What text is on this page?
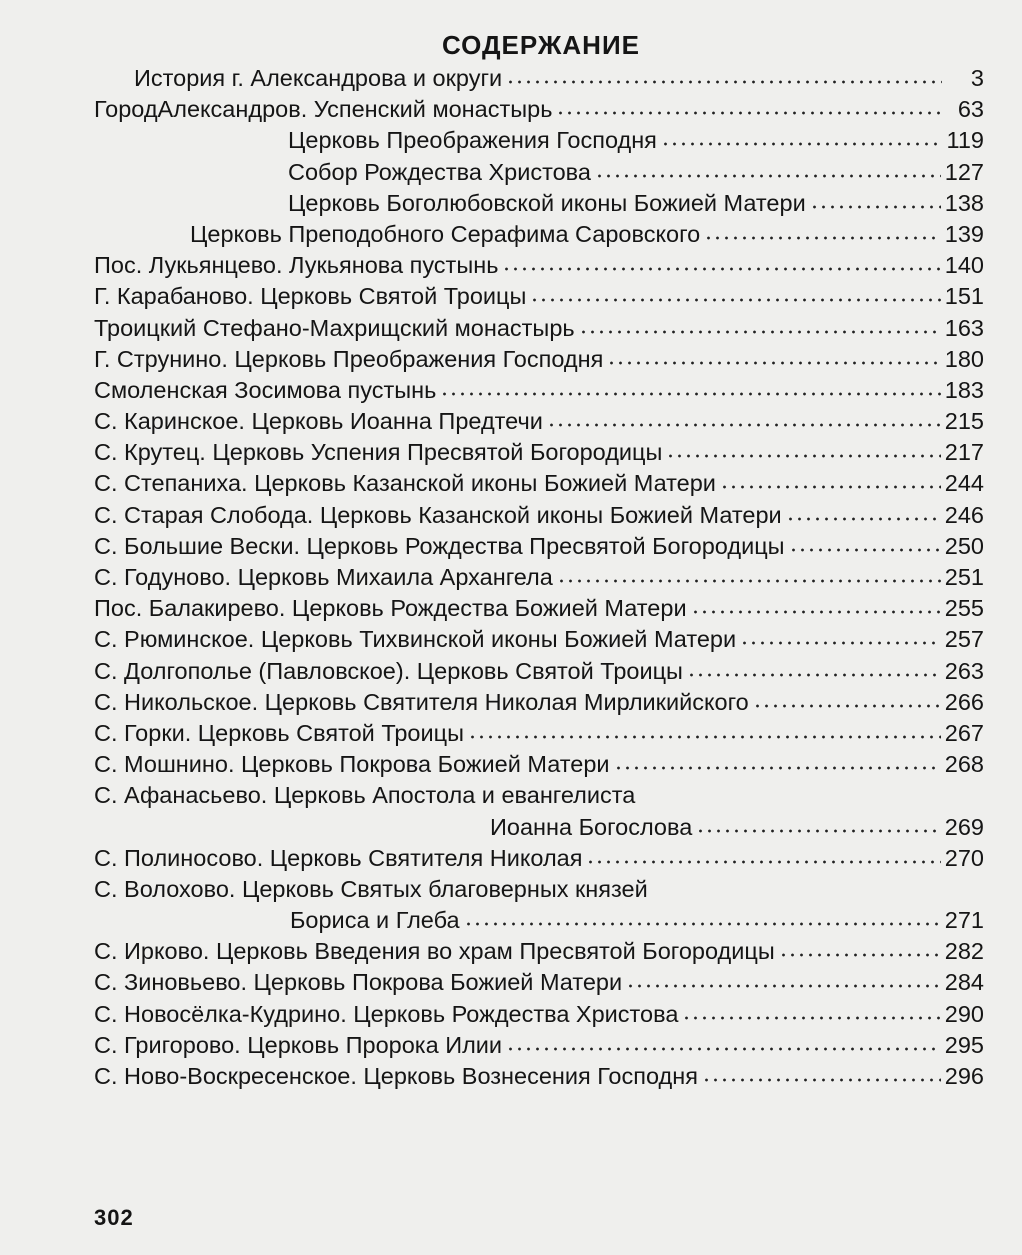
СОДЕРЖАНИЕ
История г. Александрова и округи	3
ГородАлександров. Успенский монастырь	63
Церковь Преображения Господня	119
Собор Рождества Христова	127
Церковь Боголюбовской иконы Божией Матери	138
Церковь Преподобного Серафима Саровского	139
Пос. Лукьянцево. Лукьянова пустынь	140
Г. Карабаново. Церковь Святой Троицы	151
Троицкий Стефано-Махрищский монастырь	163
Г. Струнино. Церковь Преображения Господня	180
Смоленская Зосимова пустынь	183
С. Каринское. Церковь Иоанна Предтечи	215
С. Крутец. Церковь Успения Пресвятой Богородицы	217
С. Степаниха. Церковь Казанской иконы Божией Матери	244
С. Старая Слобода. Церковь Казанской иконы Божией Матери	246
С. Большие Вески. Церковь Рождества Пресвятой Богородицы	250
С. Годуново. Церковь Михаила Архангела	251
Пос. Балакирево. Церковь Рождества Божией Матери	255
С. Рюминское. Церковь Тихвинской иконы Божией Матери	257
С. Долгополье (Павловское). Церковь Святой Троицы	263
С. Никольское. Церковь Святителя Николая Мирликийского	266
С. Горки. Церковь Святой Троицы	267
С. Мошнино. Церковь Покрова Божией Матери	268
С. Афанасьево. Церковь Апостола и евангелиста
Иоанна Богослова	269
С. Полиносово. Церковь Святителя Николая	270
С. Волохово. Церковь Святых благоверных князей
Бориса и Глеба	271
С. Ирково. Церковь Введения во храм Пресвятой Богородицы	282
С. Зиновьево. Церковь Покрова Божией Матери	284
С. Новосёлка-Кудрино. Церковь Рождества Христова	290
С. Григорово. Церковь Пророка Илии	295
С. Ново-Воскресенское. Церковь Вознесения Господня	296
302
